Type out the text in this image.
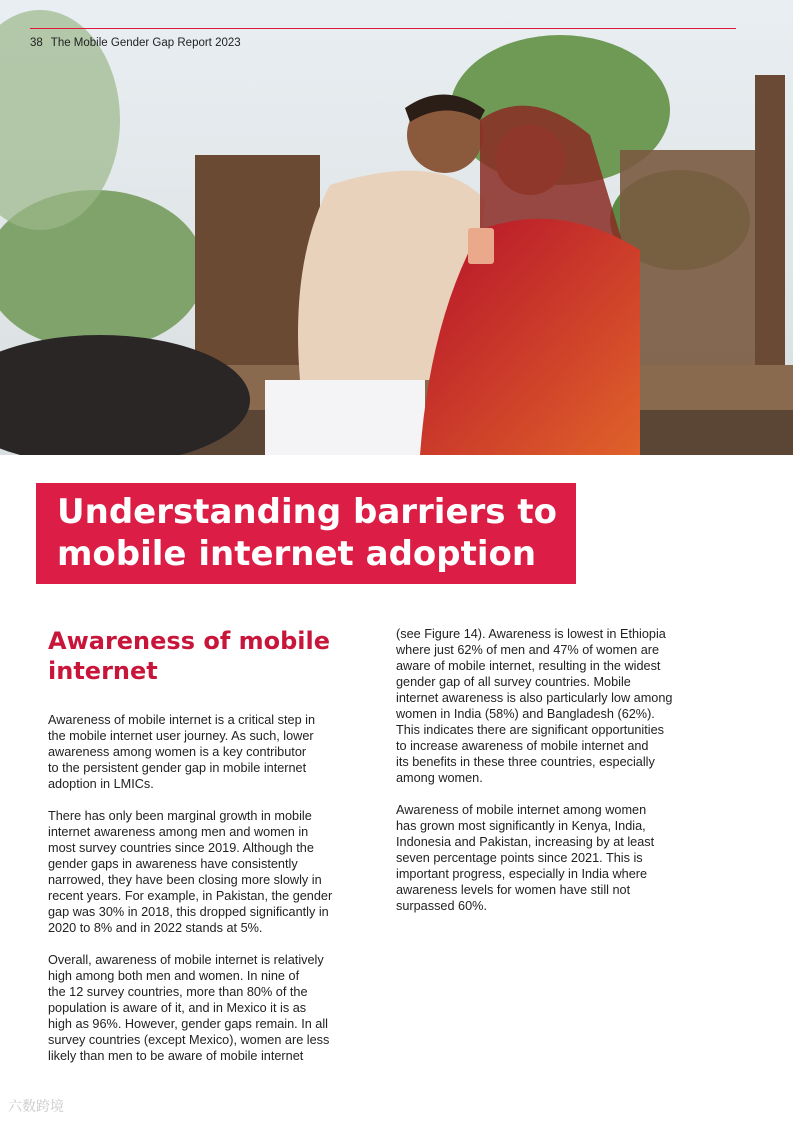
38 The Mobile Gender Gap Report 2023
Understanding barriers to mobile internet adoption
Awareness of mobile internet

Awareness of mobile internet is a critical step in
the mobile internet user journey. As such, lower
awareness among women is a key contributor
to the persistent gender gap in mobile internet
adoption in LMICs.

There has only been marginal growth in mobile
internet awareness among men and women in
most survey countries since 2019. Although the
gender gaps in awareness have consistently
narrowed, they have been closing more slowly in
recent years. For example, in Pakistan, the gender
gap was 30% in 2018, this dropped significantly in
2020 to 8% and in 2022 stands at 5%.

Overall, awareness of mobile internet is relatively
high among both men and women. In nine of
the 12 survey countries, more than 80% of the
population is aware of it, and in Mexico it is as
high as 96%. However, gender gaps remain. In all
survey countries (except Mexico), women are less
likely than men to be aware of mobile internet

(see Figure 14). Awareness is lowest in Ethiopia
where just 62% of men and 47% of women are
aware of mobile internet, resulting in the widest
gender gap of all survey countries. Mobile
internet awareness is also particularly low among
women in India (58%) and Bangladesh (62%).
This indicates there are significant opportunities
to increase awareness of mobile internet and
its benefits in these three countries, especially
among women.

Awareness of mobile internet among women
has grown most significantly in Kenya, India,
Indonesia and Pakistan, increasing by at least
seven percentage points since 2021. This is
important progress, especially in India where
awareness levels for women have still not
surpassed 60%.

六数跨境
